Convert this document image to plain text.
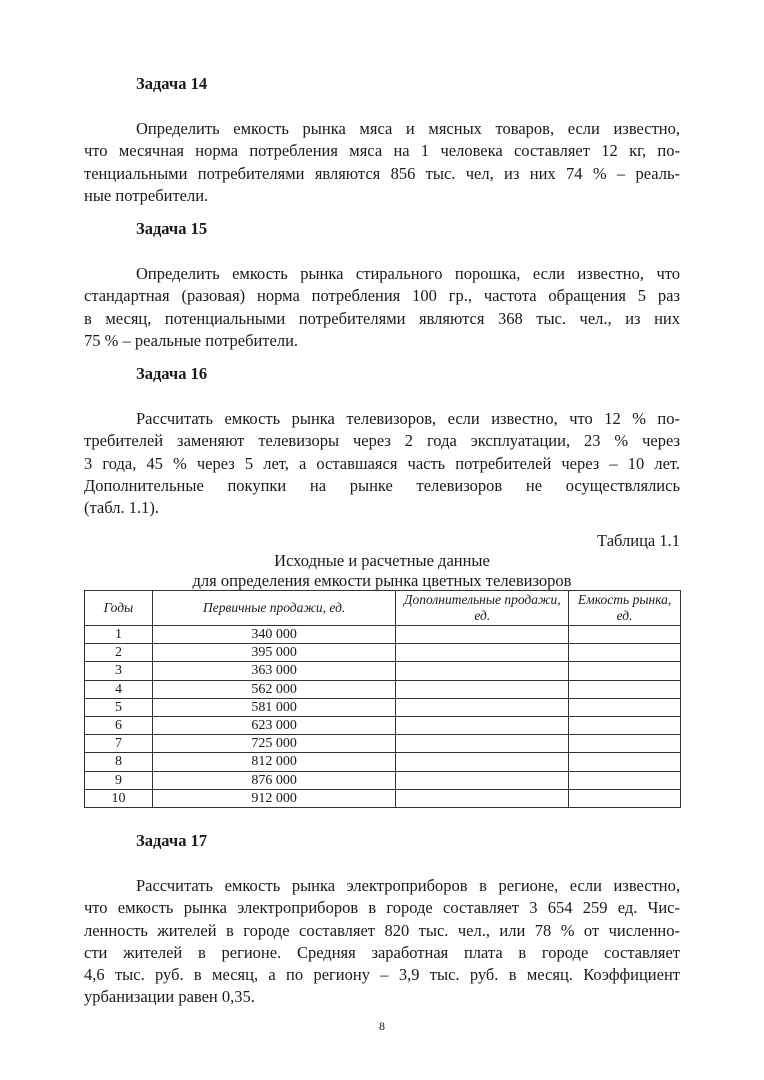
Задача 14
Определить емкость рынка мяса и мясных товаров, если известно,
что месячная норма потребления мяса на 1 человека составляет 12 кг, по-
тенциальными потребителями являются 856 тыс. чел, из них 74 % – реаль-
ные потребители.
Задача 15
Определить емкость рынка стирального порошка, если известно, что
стандартная (разовая) норма потребления 100 гр., частота обращения 5 раз
в месяц, потенциальными потребителями являются 368 тыс. чел., из них
75 % – реальные потребители.
Задача 16
Рассчитать емкость рынка телевизоров, если известно, что 12 % по-
требителей заменяют телевизоры через 2 года эксплуатации, 23 % через
3 года, 45 % через 5 лет, а оставшаяся часть потребителей через – 10 лет.
Дополнительные покупки на рынке телевизоров не осуществлялись
(табл. 1.1).
Таблица 1.1
Исходные и расчетные данные
для определения емкости рынка цветных телевизоров
Годы	Первичные продажи, ед.	Дополнительные продажи, ед.	Емкость рынка, ед.
1	340 000		
2	395 000		
3	363 000		
4	562 000		
5	581 000		
6	623 000		
7	725 000		
8	812 000		
9	876 000		
10	912 000		
Задача 17
Рассчитать емкость рынка электроприборов в регионе, если известно,
что емкость рынка электроприборов в городе составляет 3 654 259 ед. Чис-
ленность жителей в городе составляет 820 тыс. чел., или 78 % от численно-
сти жителей в регионе. Средняя заработная плата в городе составляет
4,6 тыс. руб. в месяц, а по региону – 3,9 тыс. руб. в месяц. Коэффициент
урбанизации равен 0,35.
8
